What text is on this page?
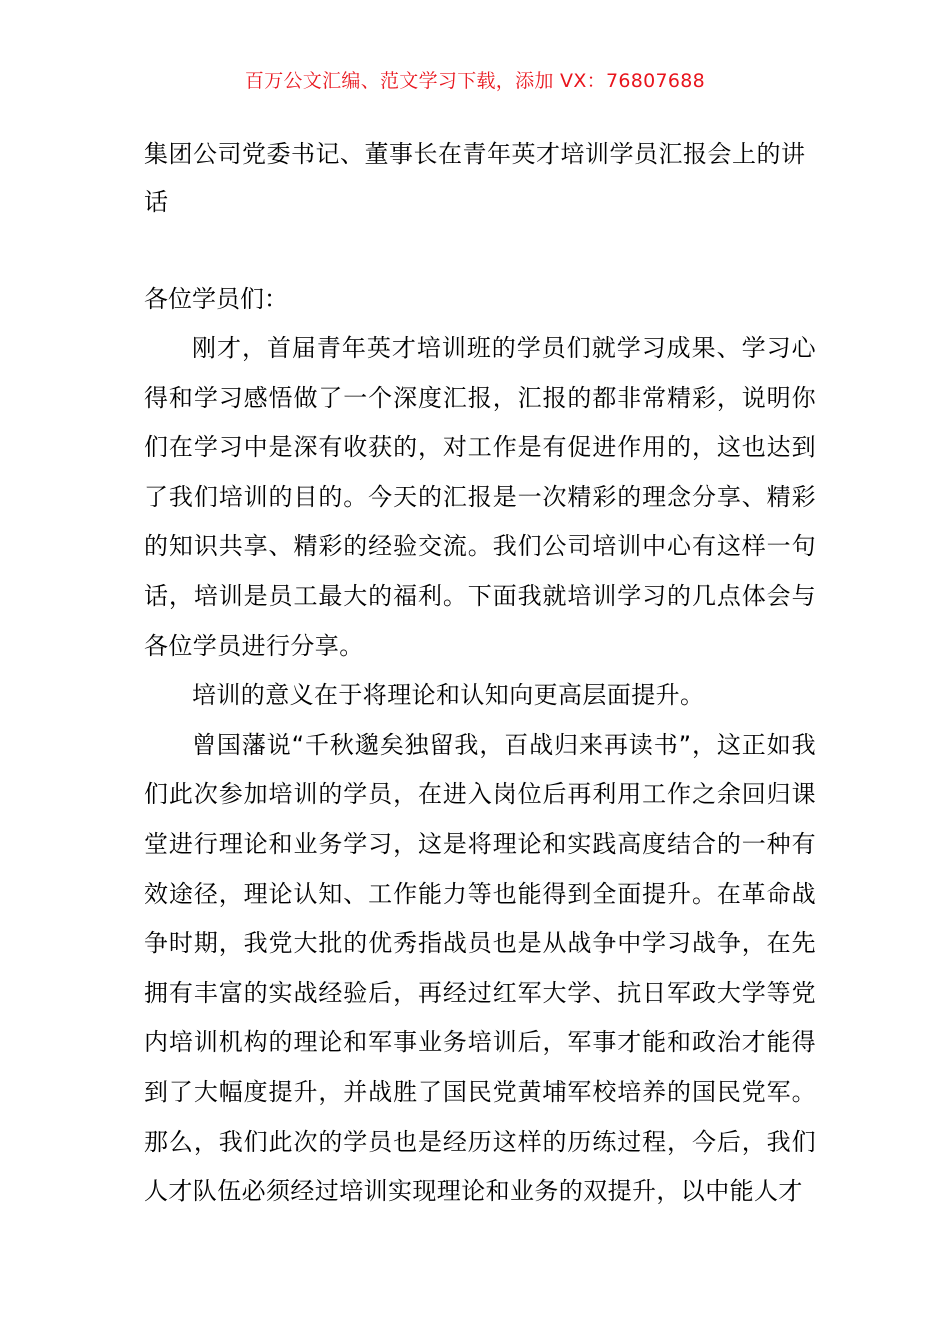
百万公文汇编、范文学习下载，添加 VX：76807688
集团公司党委书记、董事长在青年英才培训学员汇报会上的讲话

各位学员们：

刚才，首届青年英才培训班的学员们就学习成果、学习心得和学习感悟做了一个深度汇报，汇报的都非常精彩，说明你们在学习中是深有收获的，对工作是有促进作用的，这也达到了我们培训的目的。今天的汇报是一次精彩的理念分享、精彩的知识共享、精彩的经验交流。我们公司培训中心有这样一句话，培训是员工最大的福利。下面我就培训学习的几点体会与各位学员进行分享。

培训的意义在于将理论和认知向更高层面提升。

曾国藩说“千秋邈矣独留我，百战归来再读书”，这正如我们此次参加培训的学员，在进入岗位后再利用工作之余回归课堂进行理论和业务学习，这是将理论和实践高度结合的一种有效途径，理论认知、工作能力等也能得到全面提升。在革命战争时期，我党大批的优秀指战员也是从战争中学习战争，在先拥有丰富的实战经验后，再经过红军大学、抗日军政大学等党内培训机构的理论和军事业务培训后，军事才能和政治才能得到了大幅度提升，并战胜了国民党黄埔军校培养的国民党军。那么，我们此次的学员也是经历这样的历练过程，今后，我们人才队伍必须经过培训实现理论和业务的双提升，以中能人才
